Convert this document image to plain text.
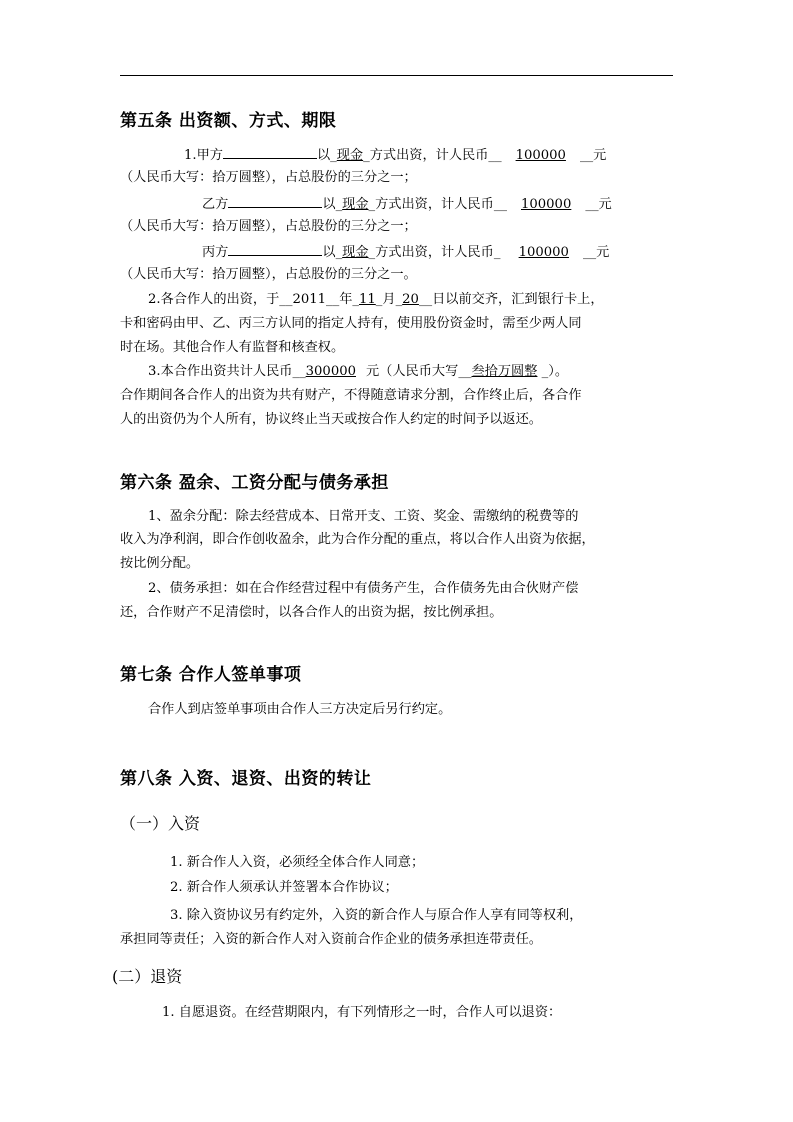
第五条 出资额、方式、期限
1.甲方	以_现金_方式出资，计人民币__ 100000 __元
（人民币大写：拾万圆整），占总股份的三分之一；
乙方	以_现金_方式出资，计人民币__ 100000 __元
（人民币大写：拾万圆整），占总股份的三分之一；
丙方	以_现金_方式出资，计人民币_ 100000 __元
（人民币大写：拾万圆整），占总股份的三分之一。
2.各合作人的出资，于__2011__年_11_月_20__日以前交齐，汇到银行卡上，
卡和密码由甲、乙、丙三方认同的指定人持有，使用股份资金时，需至少两人同
时在场。其他合作人有监督和核查权。
3.本合作出资共计人民币__300000 元（人民币大写__叁拾万圆整 _）。
合作期间各合作人的出资为共有财产，不得随意请求分割，合作终止后，各合作
人的出资仍为个人所有，协议终止当天或按合作人约定的时间予以返还。
第六条 盈余、工资分配与债务承担
1、盈余分配：除去经营成本、日常开支、工资、奖金、需缴纳的税费等的
收入为净利润，即合作创收盈余，此为合作分配的重点，将以合作人出资为依据，
按比例分配。
2、债务承担：如在合作经营过程中有债务产生，合作债务先由合伙财产偿
还，合作财产不足清偿时，以各合作人的出资为据，按比例承担。
第七条 合作人签单事项
合作人到店签单事项由合作人三方决定后另行约定。
第八条 入资、退资、出资的转让
（一）入资
1. 新合作人入资，必须经全体合作人同意；
2. 新合作人须承认并签署本合作协议；
3. 除入资协议另有约定外，入资的新合作人与原合作人享有同等权利，
承担同等责任；入资的新合作人对入资前合作企业的债务承担连带责任。
(二）退资
1. 自愿退资。在经营期限内，有下列情形之一时，合作人可以退资：
